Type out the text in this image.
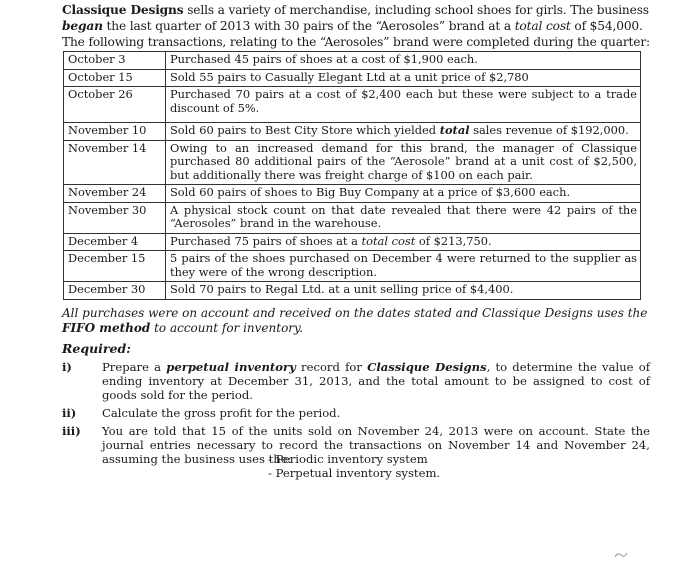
Classique Designs sells a variety of merchandise, including school shoes for girls. The business began the last quarter of 2013 with 30 pairs of the “Aerosoles” brand at a total cost of $54,000.
The following transactions, relating to the “Aerosoles” brand were completed during the quarter:

October 3	Purchased 45 pairs of shoes at a cost of $1,900 each.
October 15	Sold 55 pairs to Casually Elegant Ltd at a unit price of $2,780
October 26	Purchased 70 pairs at a cost of $2,400 each but these were subject to a trade discount of 5%.
November 10	Sold 60 pairs to Best City Store which yielded total sales revenue of $192,000.
November 14	Owing to an increased demand for this brand, the manager of Classique purchased 80 additional pairs of the “Aerosole” brand at a unit cost of $2,500, but additionally there was freight charge of $100 on each pair.
November 24	Sold 60 pairs of shoes to Big Buy Company at a price of $3,600 each.
November 30	A physical stock count on that date revealed that there were 42 pairs of the “Aerosoles” brand in the warehouse.
December 4	Purchased 75 pairs of shoes at a total cost of $213,750.
December 15	5 pairs of the shoes purchased on December 4 were returned to the supplier as they were of the wrong description.
December 30	Sold 70 pairs to Regal Ltd. at a unit selling price of $4,400.

All purchases were on account and received on the dates stated and Classique Designs uses the FIFO method to account for inventory.

Required:

i)	Prepare a perpetual inventory record for Classique Designs, to determine the value of ending inventory at December 31, 2013, and the total amount to be assigned to cost of goods sold for the period.
ii) Calculate the gross profit for the period.
iii) You are told that 15 of the units sold on November 24, 2013 were on account. State the journal entries necessary to record the transactions on November 14 and November 24, assuming the business uses the:
- Periodic inventory system
- Perpetual inventory system.
